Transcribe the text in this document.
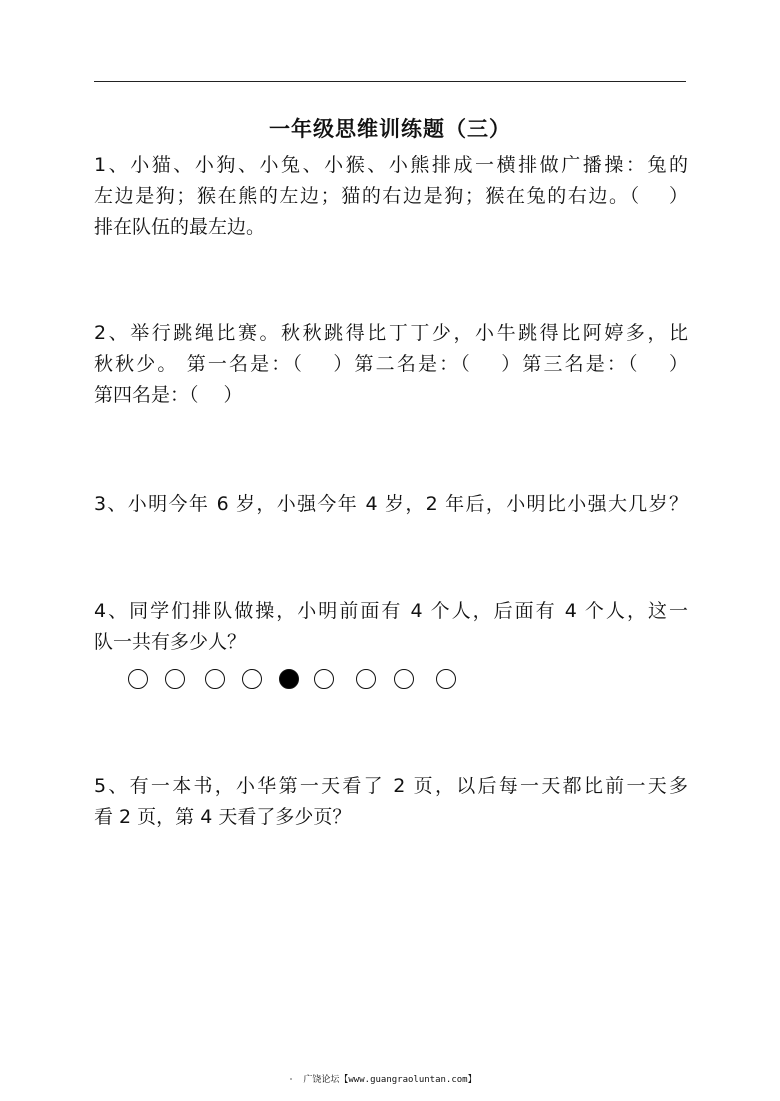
一年级思维训练题（三）
1、小猫、小狗、小兔、小猴、小熊排成一横排做广播操：兔的
左边是狗；猴在熊的左边；猫的右边是狗；猴在兔的右边。（　 ）
排在队伍的最左边。
2、举行跳绳比赛。秋秋跳得比丁丁少，小牛跳得比阿婷多，比
秋秋少。 第一名是：（　 ）第二名是：（　 ）第三名是：（　 ）
第四名是：（　 ）
3、小明今年 6 岁，小强今年 4 岁，2 年后，小明比小强大几岁？
4、同学们排队做操，小明前面有 4 个人，后面有 4 个人，这一
队一共有多少人？
5、有一本书，小华第一天看了 2 页，以后每一天都比前一天多
看 2 页，第 4 天看了多少页？
广饶论坛【www.guangraoluntan.com】
